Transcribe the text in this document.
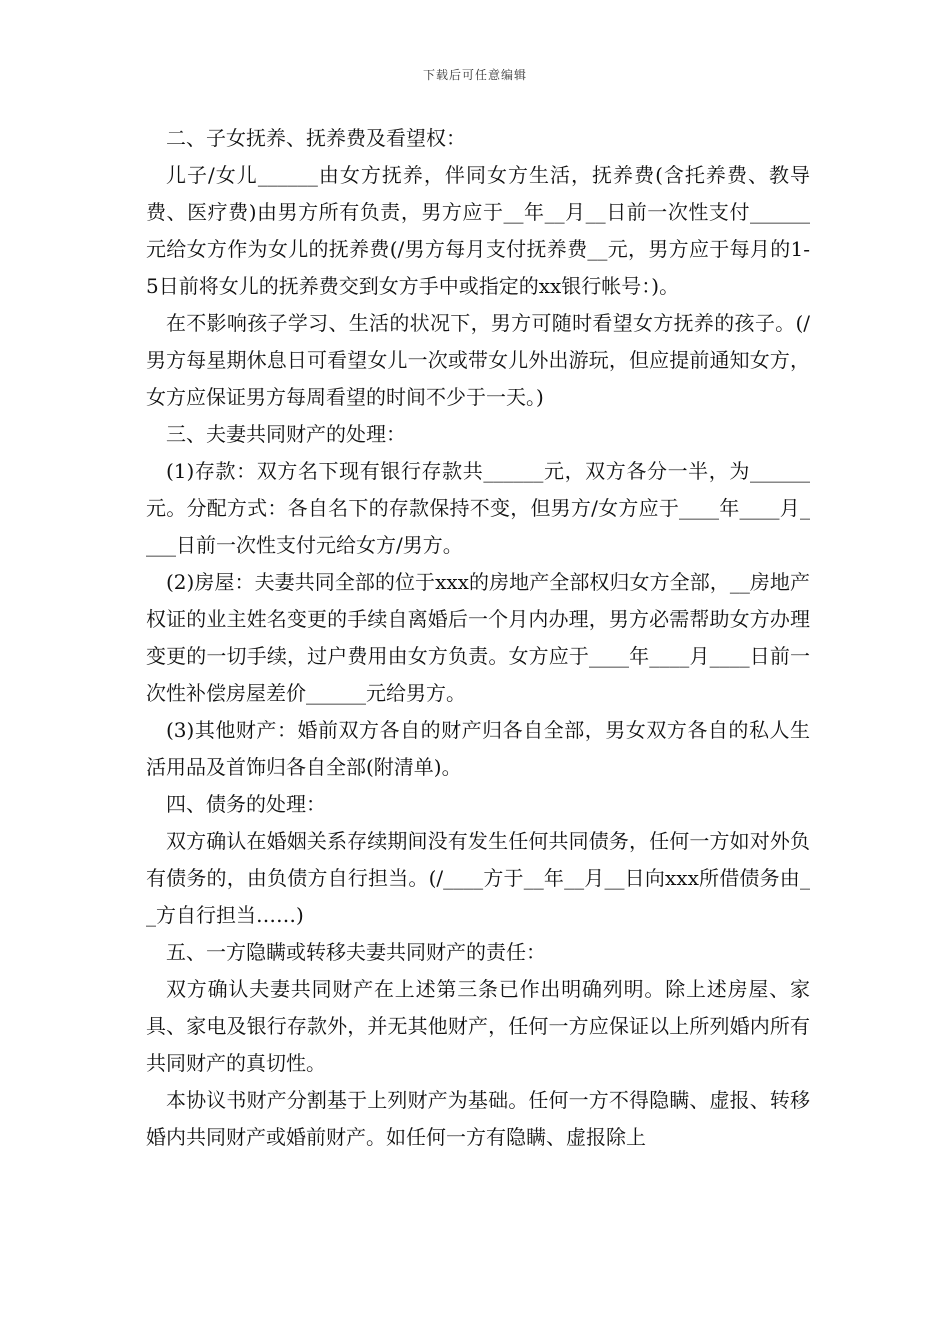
下载后可任意编辑

二、子女抚养、抚养费及看望权：

儿子/女儿______由女方抚养，伴同女方生活，抚养费(含托养费、教导费、医疗费)由男方所有负责，男方应于__年__月__日前一次性支付______元给女方作为女儿的抚养费(/男方每月支付抚养费__元，男方应于每月的1-5日前将女儿的抚养费交到女方手中或指定的xx银行帐号：)。

在不影响孩子学习、生活的状况下，男方可随时看望女方抚养的孩子。(/男方每星期休息日可看望女儿一次或带女儿外出游玩，但应提前通知女方，女方应保证男方每周看望的时间不少于一天。)

三、夫妻共同财产的处理：

(1)存款：双方名下现有银行存款共______元，双方各分一半，为______元。分配方式：各自名下的存款保持不变，但男方/女方应于____年____月____日前一次性支付元给女方/男方。

(2)房屋：夫妻共同全部的位于xxx的房地产全部权归女方全部，__房地产权证的业主姓名变更的手续自离婚后一个月内办理，男方必需帮助女方办理变更的一切手续，过户费用由女方负责。女方应于____年____月____日前一次性补偿房屋差价______元给男方。

(3)其他财产：婚前双方各自的财产归各自全部，男女双方各自的私人生活用品及首饰归各自全部(附清单)。

四、债务的处理：

双方确认在婚姻关系存续期间没有发生任何共同债务，任何一方如对外负有债务的，由负债方自行担当。(/____方于__年__月__日向xxx所借债务由__方自行担当……)

五、一方隐瞒或转移夫妻共同财产的责任：

双方确认夫妻共同财产在上述第三条已作出明确列明。除上述房屋、家具、家电及银行存款外，并无其他财产，任何一方应保证以上所列婚内所有共同财产的真切性。

本协议书财产分割基于上列财产为基础。任何一方不得隐瞒、虚报、转移婚内共同财产或婚前财产。如任何一方有隐瞒、虚报除上
